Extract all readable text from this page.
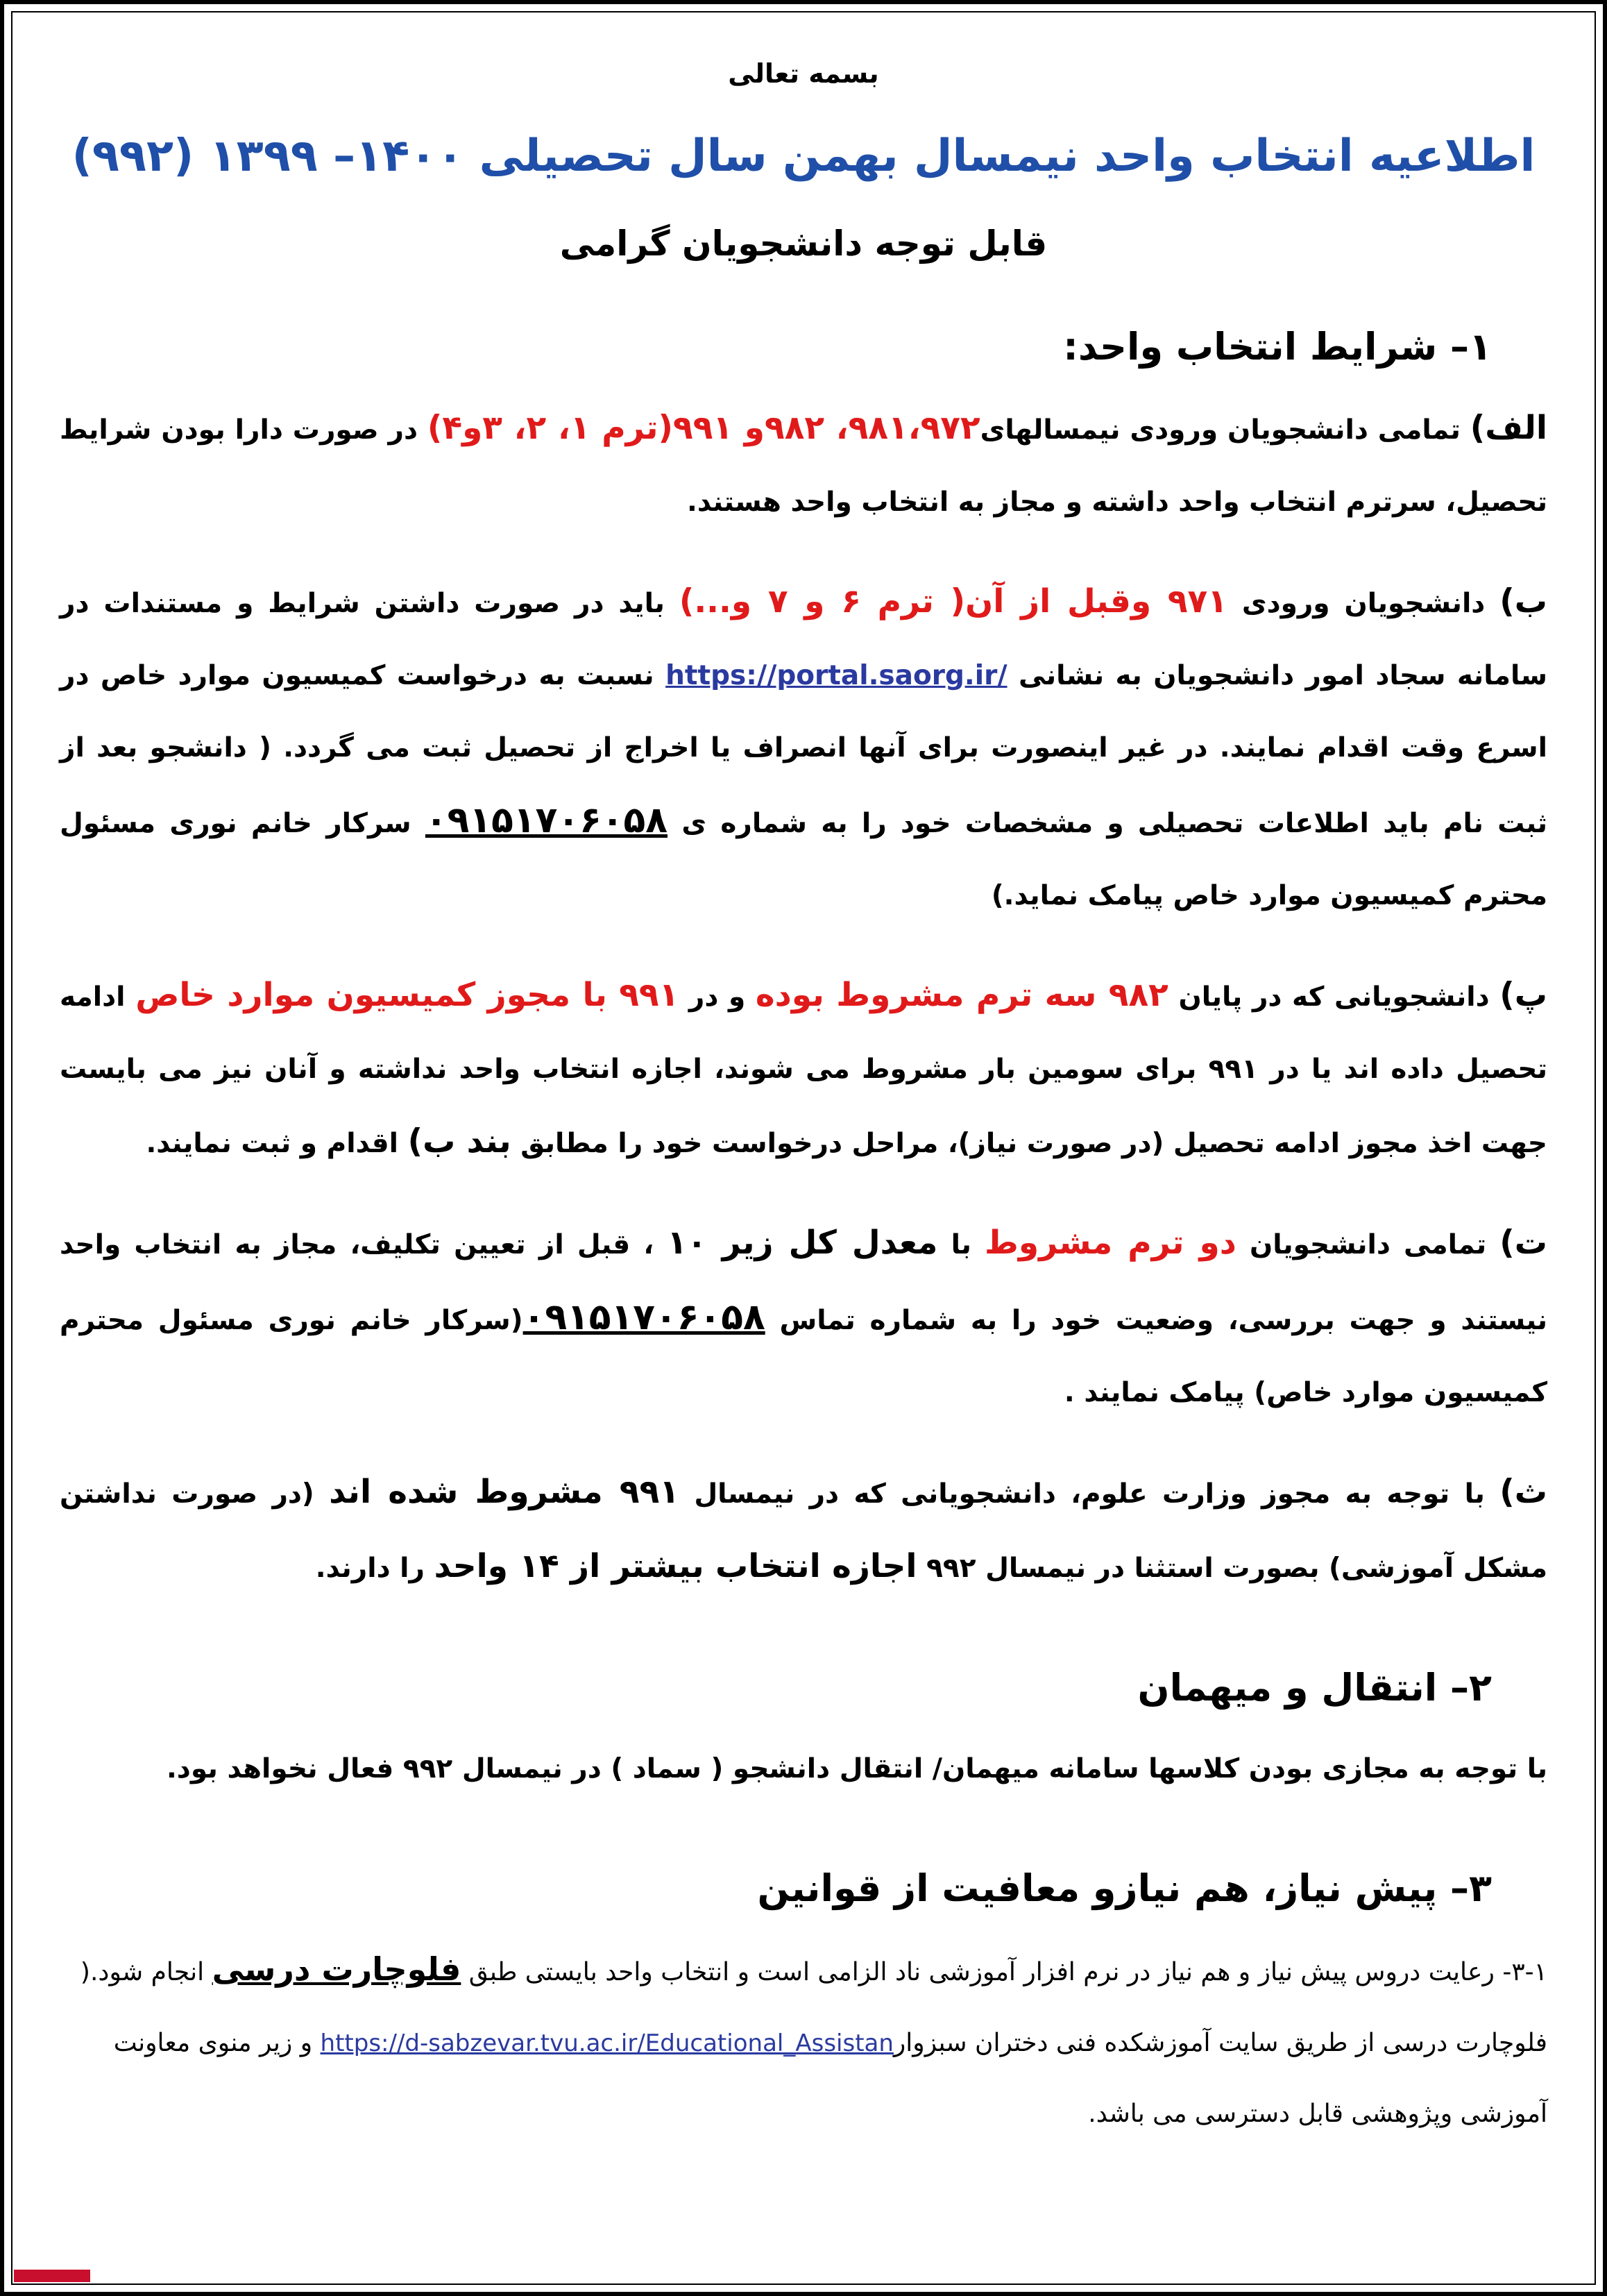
بسمه تعالی
اطلاعیه انتخاب واحد نیمسال بهمن سال تحصیلی ۱۴۰۰– ۱۳۹۹ (۹۹۲)
قابل توجه دانشجویان گرامی
۱– شرایط انتخاب واحد:

الف) تمامی دانشجویان ورودی نیمسالهای۹۸۱،۹۷۲، ۹۸۲و ۹۹۱(ترم ۱، ۲، ۳و۴) در صورت دارا بودن شرایط تحصیل، سرترم انتخاب واحد داشته و مجاز به انتخاب واحد هستند.

ب) دانشجویان ورودی ۹۷۱ وقبل از آن( ترم ۶ و ۷ و...) باید در صورت داشتن شرایط و مستندات در سامانه سجاد امور دانشجویان به نشانی https://portal.saorg.ir/ نسبت به درخواست کمیسیون موارد خاص در اسرع وقت اقدام نمایند. در غیر اینصورت برای آنها انصراف یا اخراج از تحصیل ثبت می گردد. ( دانشجو بعد از ثبت نام باید اطلاعات تحصیلی و مشخصات خود را به شماره ی ۰۹۱۵۱۷۰۶۰۵۸ سرکار خانم نوری مسئول محترم کمیسیون موارد خاص پیامک نماید.)

پ) دانشجویانی که در پایان ۹۸۲ سه ترم مشروط بوده و در ۹۹۱ با مجوز کمیسیون موارد خاص ادامه تحصیل داده اند یا در ۹۹۱ برای سومین بار مشروط می شوند، اجازه انتخاب واحد نداشته و آنان نیز می بایست جهت اخذ مجوز ادامه تحصیل (در صورت نیاز)، مراحل درخواست خود را مطابق بند ب) اقدام و ثبت نمایند.

ت) تمامی دانشجویان دو ترم مشروط با معدل کل زیر ۱۰ ، قبل از تعیین تکلیف، مجاز به انتخاب واحد نیستند و جهت بررسی، وضعیت خود را به شماره تماس ۰۹۱۵۱۷۰۶۰۵۸(سرکار خانم نوری مسئول محترم کمیسیون موارد خاص) پیامک نمایند .

ث) با توجه به مجوز وزارت علوم، دانشجویانی که در نیمسال ۹۹۱ مشروط شده اند (در صورت نداشتن مشکل آموزشی) بصورت استثنا در نیمسال ۹۹۲ اجازه انتخاب بیشتر از ۱۴ واحد را دارند.

۲– انتقال و میهمان

با توجه به مجازی بودن کلاسها سامانه میهمان/ انتقال دانشجو ( سماد ) در نیمسال ۹۹۲ فعال نخواهد بود.

۳– پیش نیاز، هم نیازو معافیت از قوانین

۳-۱- رعایت دروس پیش نیاز و هم نیاز در نرم افزار آموزشی ناد الزامی است و انتخاب واحد بایستی طبق فلوچارت درسی انجام شود.( فلوچارت درسی از طریق سایت آموزشکده فنی دختران سبزوارhttps://d-sabzevar.tvu.ac.ir/Educational_Assistan و زیر منوی معاونت آموزشی وپژوهشی قابل دسترسی می باشد.
